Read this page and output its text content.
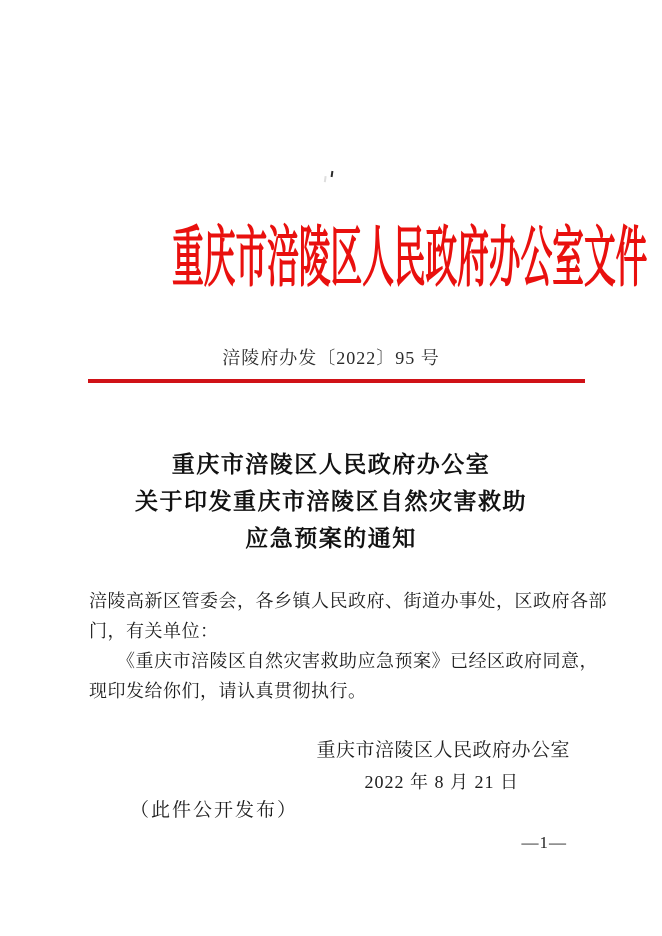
重庆市涪陵区人民政府办公室文件
涪陵府办发〔2022〕95 号
重庆市涪陵区人民政府办公室
关于印发重庆市涪陵区自然灾害救助
应急预案的通知
涪陵高新区管委会，各乡镇人民政府、街道办事处，区政府各部
门，有关单位：
　　《重庆市涪陵区自然灾害救助应急预案》已经区政府同意，
现印发给你们，请认真贯彻执行。
重庆市涪陵区人民政府办公室
2022 年 8 月 21 日
（此件公开发布）
—1—
